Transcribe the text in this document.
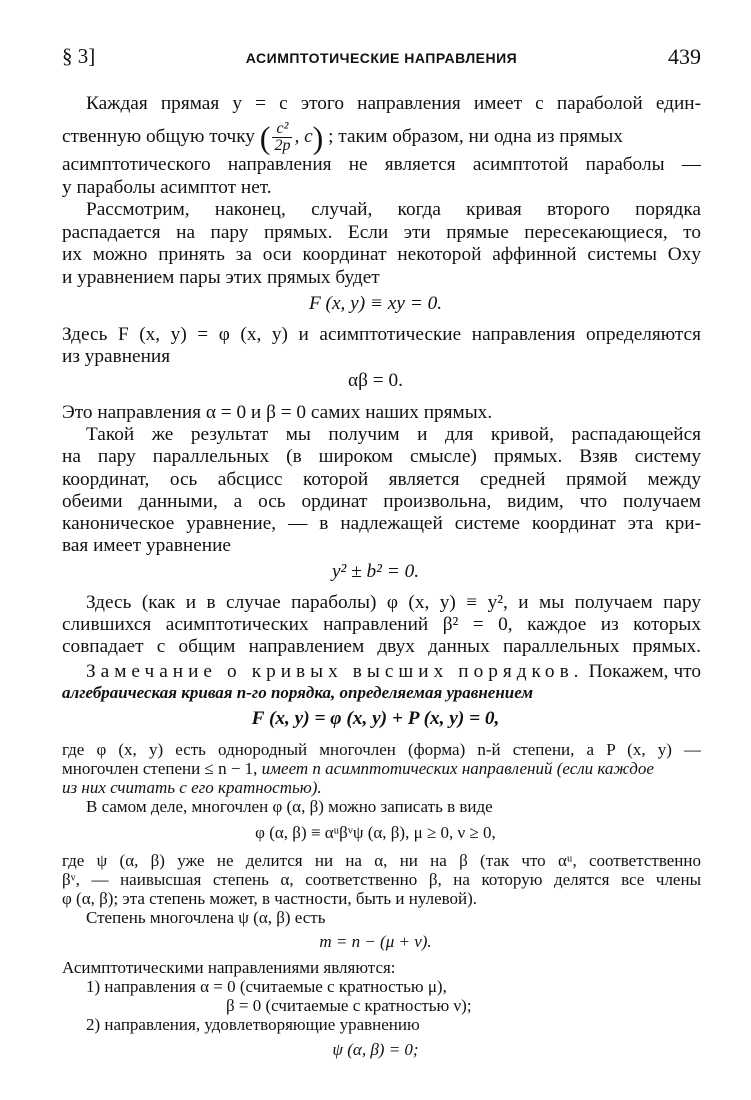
§ 3]	АСИМПТОТИЧЕСКИЕ НАПРАВЛЕНИЯ	439
Каждая прямая y = c этого направления имеет с параболой един-
ственную общую точку ( $\frac{\text{c²}}{2p}$ , c) ; таким образом, ни одна из прямых
асимптотического направления не является асимптотой параболы —
у параболы асимптот нет.
Рассмотрим, наконец, случай, когда кривая второго порядка
распадается на пару прямых. Если эти прямые пересекающиеся, то
их можно принять за оси координат некоторой аффинной системы Oxy
и уравнением пары этих прямых будет
F (x, y) ≡ xy = 0.
Здесь F (x, y) = φ (x, y) и асимптотические направления определяются
из уравнения
αβ = 0.
Это направления α = 0 и β = 0 самих наших прямых.
Такой же результат мы получим и для кривой, распадающейся
на пару параллельных (в широком смысле) прямых. Взяв систему
координат, ось абсцисс которой является средней прямой между
обеими данными, а ось ординат произвольна, видим, что получаем
каноническое уравнение, — в надлежащей системе координат эта кри-
вая имеет уравнение
y² ± b² = 0.
Здесь (как и в случае параболы) φ (x, y) ≡ y², и мы получаем пару
слившихся асимптотических направлений β² = 0, каждое из которых
совпадает с общим направлением двух данных параллельных прямых.
Замечание о кривых высших порядков. Покажем, что
алгебраическая кривая n-го порядка, определяемая уравнением
F (x, y) = φ (x, y) + P (x, y) = 0,
где φ (x, y) есть однородный многочлен (форма) n-й степени, а P (x, y) —
многочлен степени ≤ n − 1, имеет n асимптотических направлений (если каждое
из них считать с его кратностью).
В самом деле, многочлен φ (α, β) можно записать в виде
φ (α, β) ≡ αᵘβᵛψ (α, β), μ ≥ 0, ν ≥ 0,
где ψ (α, β) уже не делится ни на α, ни на β (так что αᵘ, соответственно
βᵛ, — наивысшая степень α, соответственно β, на которую делятся все члены
φ (α, β); эта степень может, в частности, быть и нулевой).
Степень многочлена ψ (α, β) есть
m = n − (μ + ν).
Асимптотическими направлениями являются:
1) направления α = 0 (считаемые с кратностью μ),
β = 0 (считаемые с кратностью ν);
2) направления, удовлетворяющие уравнению
ψ (α, β) = 0;
